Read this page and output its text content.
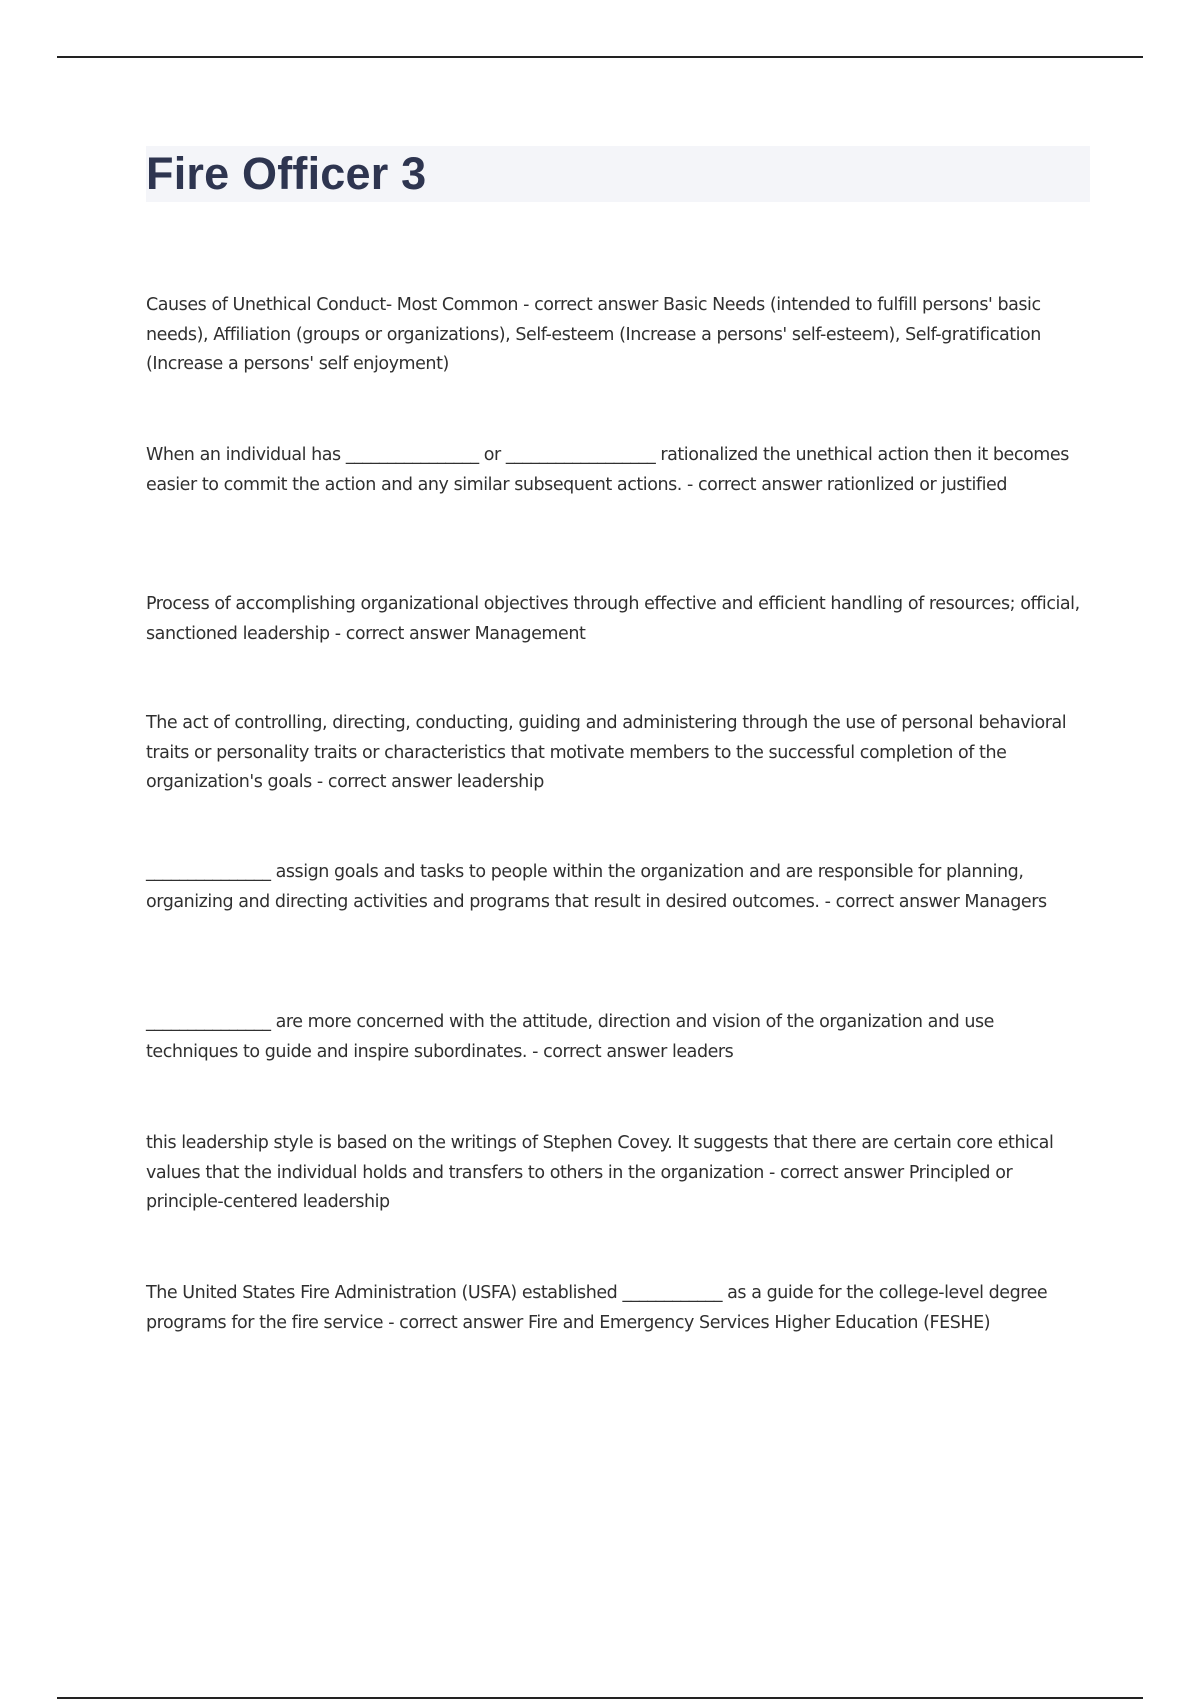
Fire Officer 3

Causes of Unethical Conduct- Most Common - correct answer Basic Needs (intended to fulfill persons' basic needs), Affiliation (groups or organizations), Self-esteem (Increase a persons' self-esteem), Self-gratification (Increase a persons' self enjoyment)

When an individual has ________________ or __________________ rationalized the unethical action then it becomes easier to commit the action and any similar subsequent actions. - correct answer rationlized or justified

Process of accomplishing organizational objectives through effective and efficient handling of resources; official, sanctioned leadership - correct answer Management

The act of controlling, directing, conducting, guiding and administering through the use of personal behavioral traits or personality traits or characteristics that motivate members to the successful completion of the organization's goals - correct answer leadership

_______________ assign goals and tasks to people within the organization and are responsible for planning, organizing and directing activities and programs that result in desired outcomes. - correct answer Managers

_______________ are more concerned with the attitude, direction and vision of the organization and use techniques to guide and inspire subordinates. - correct answer leaders

this leadership style is based on the writings of Stephen Covey. It suggests that there are certain core ethical values that the individual holds and transfers to others in the organization - correct answer Principled or principle-centered leadership

The United States Fire Administration (USFA) established ____________ as a guide for the college-level degree programs for the fire service - correct answer Fire and Emergency Services Higher Education (FESHE)
